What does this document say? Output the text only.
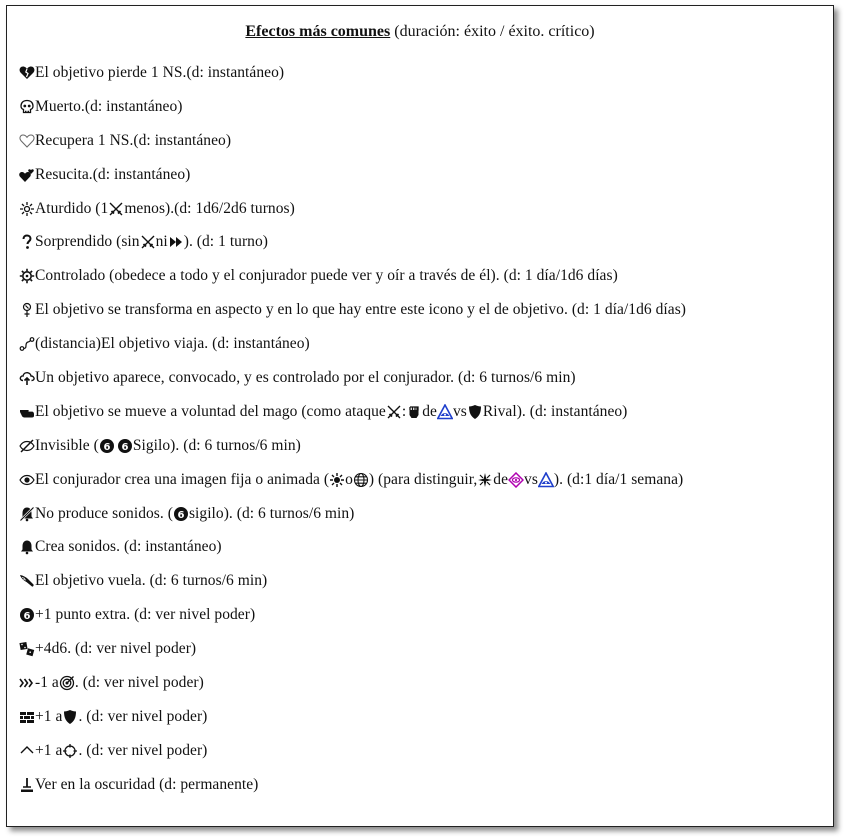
Efectos más comunes (duración: éxito / éxito. crítico)
El objetivo pierde 1 NS.(d: instantáneo)
Muerto.(d: instantáneo)
Recupera 1 NS.(d: instantáneo)
Resucita.(d: instantáneo)
Aturdido (1 menos).(d: 1d6/2d6 turnos)
Sorprendido (sin ni ). (d: 1 turno)
Controlado (obedece a todo y el conjurador puede ver y oír a través de él). (d: 1 día/1d6 días)
El objetivo se transforma en aspecto y en lo que hay entre este icono y el de objetivo. (d: 1 día/1d6 días)
(distancia)El objetivo viaja. (d: instantáneo)
Un objetivo aparece, convocado, y es controlado por el conjurador. (d: 6 turnos/6 min)
El objetivo se mueve a voluntad del mago (como ataque : de vs Rival). (d: instantáneo)
Invisible ( 6 6 Sigilo). (d: 6 turnos/6 min)
El conjurador crea una imagen fija o animada ( o ) (para distinguir, de vs ). (d:1 día/1 semana)
No produce sonidos. ( 6 sigilo). (d: 6 turnos/6 min)
Crea sonidos. (d: instantáneo)
El objetivo vuela. (d: 6 turnos/6 min)
6 +1 punto extra. (d: ver nivel poder)
+4d6. (d: ver nivel poder)
-1 a . (d: ver nivel poder)
+1 a . (d: ver nivel poder)
+1 a . (d: ver nivel poder)
Ver en la oscuridad (d: permanente)
